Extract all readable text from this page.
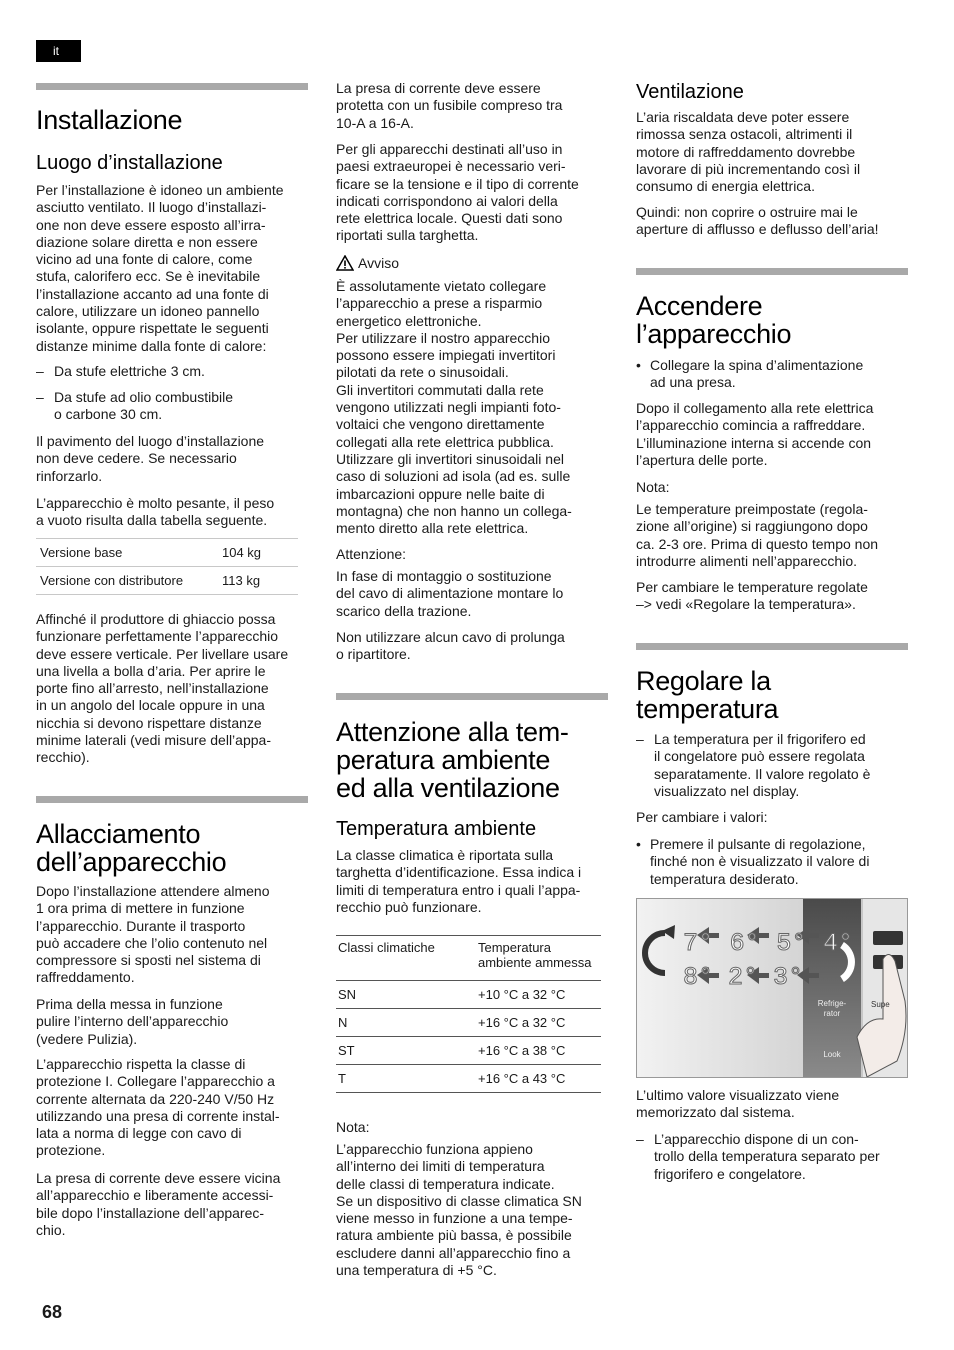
it
Installazione
Luogo d’installazione
Per l’installazione è idoneo un ambiente
asciutto ventilato. Il luogo d’installazi-
one non deve essere esposto all’irra-
diazione solare diretta e non essere
vicino ad una fonte di calore, come
stufa, calorifero ecc. Se è inevitabile
l’installazione accanto ad una fonte di
calore, utilizzare un idoneo pannello
isolante, oppure rispettate le seguenti
distanze minime dalla fonte di calore:
– Da stufe elettriche 3 cm.
– Da stufe ad olio combustibile
o carbone 30 cm.
Il pavimento del luogo d’installazione
non deve cedere. Se necessario
rinforzarlo.
L’apparecchio è molto pesante, il peso
a vuoto risulta dalla tabella seguente.
Versione base	104 kg
Versione con distributore	113 kg
Affinché il produttore di ghiaccio possa
funzionare perfettamente l’apparecchio
deve essere verticale. Per livellare usare
una livella a bolla d’aria. Per aprire le
porte fino all’arresto, nell’installazione
in un angolo del locale oppure in una
nicchia si devono rispettare distanze
minime laterali (vedi misure dell’appa-
recchio).
Allacciamento
dell’apparecchio
Dopo l’installazione attendere almeno
1 ora prima di mettere in funzione
l’apparecchio. Durante il trasporto
può accadere che l’olio contenuto nel
compressore si sposti nel sistema di
raffreddamento.
Prima della messa in funzione
pulire l’interno dell’apparecchio
(vedere Pulizia).
L’apparecchio rispetta la classe di
protezione I. Collegare l’apparecchio a
corrente alternata da 220-240 V/50 Hz
utilizzando una presa di corrente instal-
lata a norma di legge con cavo di
protezione.
La presa di corrente deve essere vicina
all’apparecchio e liberamente accessi-
bile dopo l’installazione dell’apparec-
chio.
La presa di corrente deve essere
protetta con un fusibile compreso tra
10-A a 16-A.
Per gli apparecchi destinati all’uso in
paesi extraeuropei è necessario veri-
ficare se la tensione e il tipo di corrente
indicati corrispondono ai valori della
rete elettrica locale. Questi dati sono
riportati sulla targhetta.
Avviso
È assolutamente vietato collegare
l’apparecchio a prese a risparmio
energetico elettroniche.
Per utilizzare il nostro apparecchio
possono essere impiegati invertitori
pilotati da rete o sinusoidali.
Gli invertitori commutati dalla rete
vengono utilizzati negli impianti foto-
voltaici che vengono direttamente
collegati alla rete elettrica pubblica.
Utilizzare gli invertitori sinusoidali nel
caso di soluzioni ad isola (ad es. sulle
imbarcazioni oppure nelle baite di
montagna) che non hanno un collega-
mento diretto alla rete elettrica.
Attenzione:
In fase di montaggio o sostituzione
del cavo di alimentazione montare lo
scarico della trazione.
Non utilizzare alcun cavo di prolunga
o ripartitore.
Attenzione alla tem-
peratura ambiente
ed alla ventilazione
Temperatura ambiente
La classe climatica è riportata sulla
targhetta d’identificazione. Essa indica i
limiti di temperatura entro i quali l’appa-
recchio può funzionare.
Classi climatiche	Temperatura
ambiente ammessa
SN	+10 °C a 32 °C
N	+16 °C a 32 °C
ST	+16 °C a 38 °C
T	+16 °C a 43 °C
Nota:
L’apparecchio funziona appieno
all’interno dei limiti di temperatura
delle classi di temperatura indicate.
Se un dispositivo di classe climatica SN
viene messo in funzione a una tempe-
ratura ambiente più bassa, è possibile
escludere danni all’apparecchio fino a
una temperatura di +5 °C.
Ventilazione
L’aria riscaldata deve poter essere
rimossa senza ostacoli, altrimenti il
motore di raffreddamento dovrebbe
lavorare di più incrementando così il
consumo di energia elettrica.
Quindi: non coprire o ostruire mai le
aperture di afflusso e deflusso dell’aria!
Accendere
l’apparecchio
• Collegare la spina d’alimentazione
ad una presa.
Dopo il collegamento alla rete elettrica
l’apparecchio comincia a raffreddare.
L’illuminazione interna si accende con
l’apertura delle porte.
Nota:
Le temperature preimpostate (regola-
zione all’origine) si raggiungono dopo
ca. 2-3 ore. Prima di questo tempo non
introdurre alimenti nell’apparecchio.
Per cambiare le temperature regolate
–> vedi «Regolare la temperatura».
Regolare la
temperatura
– La temperatura per il frigorifero ed
il congelatore può essere regolata
separatamente. Il valore regolato è
visualizzato nel display.
Per cambiare i valori:
• Premere il pulsante di regolazione,
finché non è visualizzato il valore di
temperatura desiderato.
7° 6° 5° 4°
8° 2° 3°
Refrige-
rator
Look
Supe
L’ultimo valore visualizzato viene
memorizzato dal sistema.
– L’apparecchio dispone di un con-
trollo della temperatura separato per
frigorifero e congelatore.
68
